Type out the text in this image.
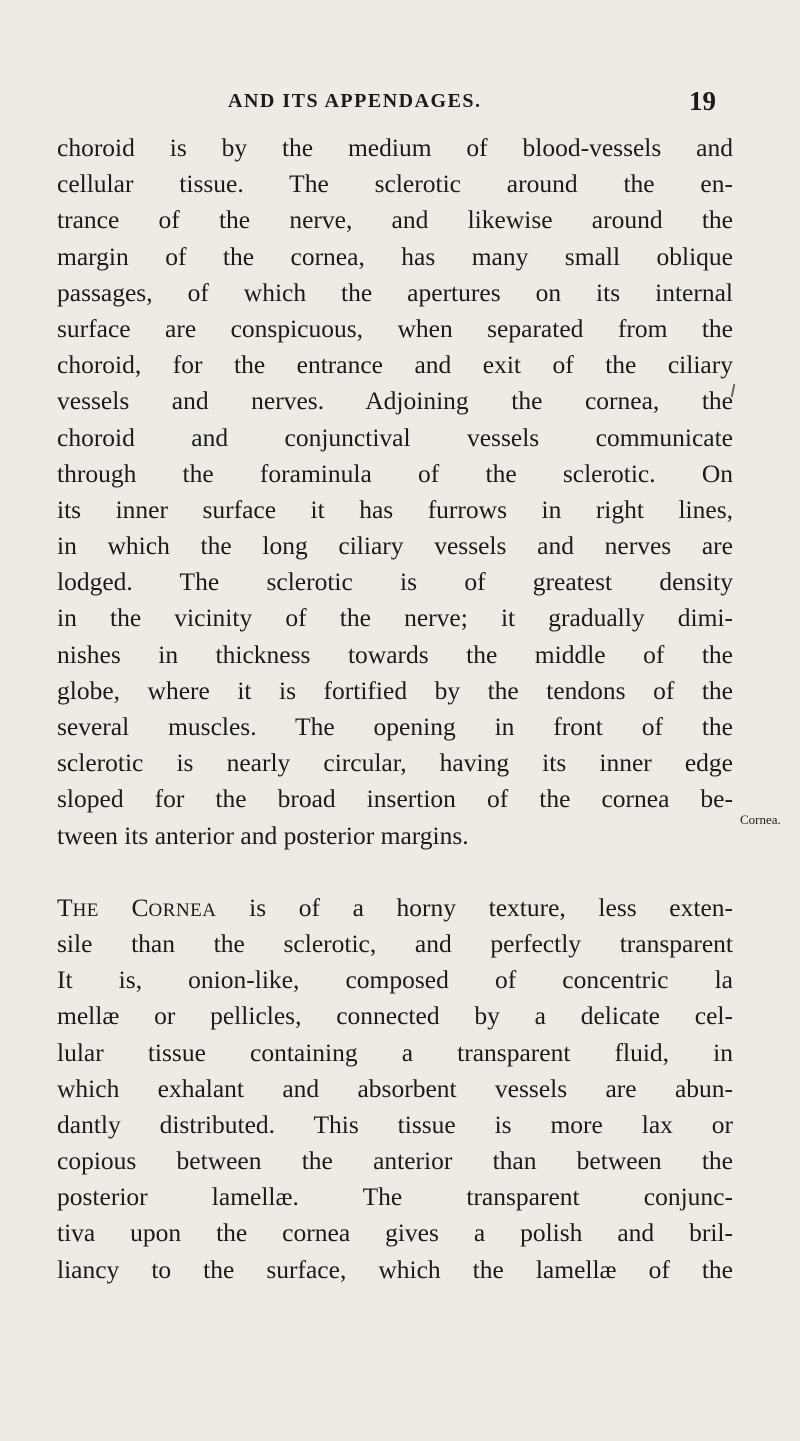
AND ITS APPENDAGES.	19
choroid is by the medium of blood-vessels and
cellular tissue. The sclerotic around the en-
trance of the nerve, and likewise around the
margin of the cornea, has many small oblique
passages, of which the apertures on its internal
surface are conspicuous, when separated from the
choroid, for the entrance and exit of the ciliary
vessels and nerves. Adjoining the cornea, the
choroid and conjunctival vessels communicate
through the foraminula of the sclerotic. On
its inner surface it has furrows in right lines,
in which the long ciliary vessels and nerves are
lodged. The sclerotic is of greatest density
in the vicinity of the nerve; it gradually dimi-
nishes in thickness towards the middle of the
globe, where it is fortified by the tendons of the
several muscles. The opening in front of the
sclerotic is nearly circular, having its inner edge
sloped for the broad insertion of the cornea be-
tween its anterior and posterior margins.
THE CORNEA is of a horny texture, less exten-
sile than the sclerotic, and perfectly transparent
It is, onion-like, composed of concentric la
mellæ or pellicles, connected by a delicate cel-
lular tissue containing a transparent fluid, in
which exhalant and absorbent vessels are abun-
dantly distributed. This tissue is more lax or
copious between the anterior than between the
posterior lamellæ. The transparent conjunc-
tiva upon the cornea gives a polish and bril-
liancy to the surface, which the lamellæ of the
Cornea.
